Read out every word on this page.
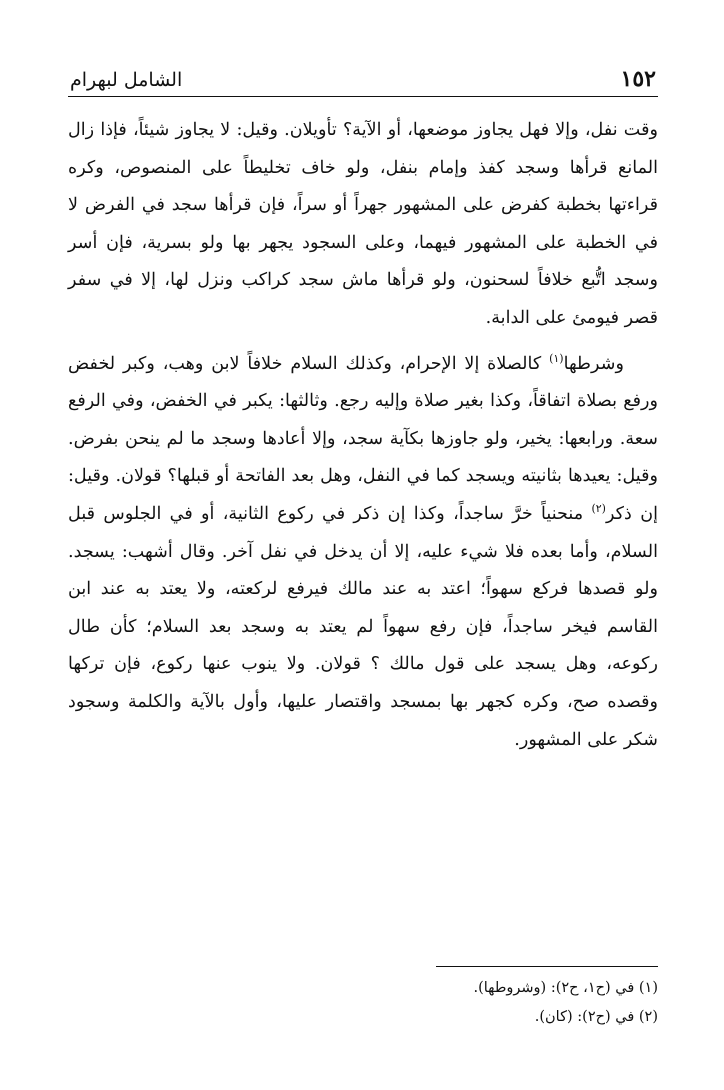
١٥٢
الشامل لبهرام

وقت نفل، وإلا فهل يجاوز موضعها، أو الآية؟ تأويلان. وقيل: لا يجاوز شيئاً، فإذا زال المانع قرأها وسجد كفذ وإمام بنفل، ولو خاف تخليطاً على المنصوص، وكره قراءتها بخطبة كفرض على المشهور جهراً أو سراً، فإن قرأها سجد في الفرض لا في الخطبة على المشهور فيهما، وعلى السجود يجهر بها ولو بسرية، فإن أسر وسجد اتُّبع خلافاً لسحنون، ولو قرأها ماش سجد كراكب ونزل لها، إلا في سفر قصر فيومئ على الدابة.

وشرطها$^{(١)}$ كالصلاة إلا الإحرام، وكذلك السلام خلافاً لابن وهب، وكبر لخفض ورفع بصلاة اتفاقاً، وكذا بغير صلاة وإليه رجع. وثالثها: يكبر في الخفض، وفي الرفع سعة. ورابعها: يخير، ولو جاوزها بكآية سجد، وإلا أعادها وسجد ما لم ينحن بفرض. وقيل: يعيدها بثانيته ويسجد كما في النفل، وهل بعد الفاتحة أو قبلها؟ قولان. وقيل: إن ذكر$^{(٢)}$ منحنياً خرَّ ساجداً، وكذا إن ذكر في ركوع الثانية، أو في الجلوس قبل السلام، وأما بعده فلا شيء عليه، إلا أن يدخل في نفل آخر. وقال أشهب: يسجد. ولو قصدها فركع سهواً؛ اعتد به عند مالك فيرفع لركعته، ولا يعتد به عند ابن القاسم فيخر ساجداً، فإن رفع سهواً لم يعتد به وسجد بعد السلام؛ كأن طال ركوعه، وهل يسجد على قول مالك ؟ قولان. ولا ينوب عنها ركوع، فإن تركها وقصده صح، وكره كجهر بها بمسجد واقتصار عليها، وأول بالآية والكلمة وسجود شكر على المشهور.

(١) في (ح١، ح٢): (وشروطها).

(٢) في (ح٢): (كان).
